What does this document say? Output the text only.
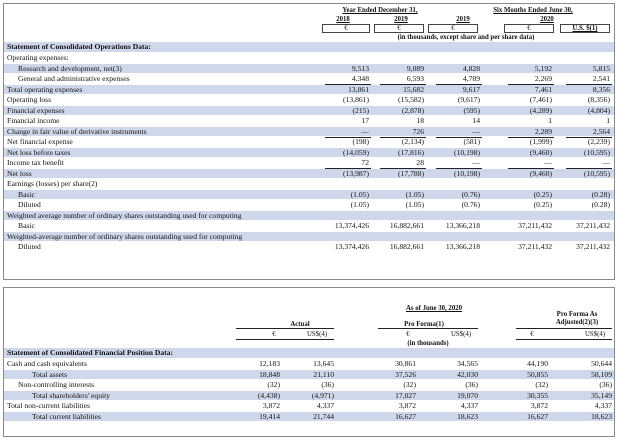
Year Ended December 31,	Six Months Ended June 30,
2018	2019	2019	2020
€	€	€	€	U.S. $(1)
(in thousands, except share and per share data)
Statement of Consolidated Operations Data:
Operating expenses:
Research and development, net(3)	9,513	9,089	4,828	5,192	5,815
General and administrative expenses	4,348	6,593	4,789	2,269	2,541
Total operating expenses	13,861	15,682	9,617	7,461	8,356
Operating loss	(13,861)	(15,582)	(9,617)	(7,461)	(8,356)
Financial expenses	(215)	(2,878)	(595)	(4,289)	(4,804)
Financial income	17	18	14	1	1
Change in fair value of derivative instruments	—	726	—	2,289	2,564
Net financial expense	(198)	(2,134)	(581)	(1,999)	(2,239)
Net loss before taxes	(14,059)	(17,816)	(10,198)	(9,460)	(10,595)
Income tax benefit	72	28	—	—	—
Net loss	(13,987)	(17,788)	(10,198)	(9,460)	(10,595)
Earnings (losses) per share(2)
Basic	(1.05)	(1.05)	(0.76)	(0.25)	(0.28)
Diluted	(1.05)	(1.05)	(0.76)	(0.25)	(0.28)
Weighted average number of ordinary shares outstanding used for computing
Basic	13,374,426	16,882,661	13,366,218	37,211,432	37,211,432
Weighted-average number of ordinary shares outstanding used for computing
Diluted	13,374,426	16,882,661	13,366,218	37,211,432	37,211,432
As of June 30, 2020
Actual	Pro Forma(1)
Pro Forma As
Adjusted(2)(3)
€	US$(4)	€	US$(4)	€	US$(4)
(in thousands)
Statement of Consolidated Financial Position Data:
Cash and cash equivalents	12,183	13,645	30,861	34,565	44,190	50,644
Total assets	18,848	21,110	37,526	42,030	50,855	58,109
Non-controlling interests	(32)	(36)	(32)	(36)	(32)	(36)
Total shareholders' equity	(4,438)	(4,971)	17,027	19,070	30,355	35,149
Total non-current liabilities	3,872	4,337	3,872	4,337	3,872	4,337
Total current liabilities	19,414	21,744	16,627	18,623	16,627	18,623
